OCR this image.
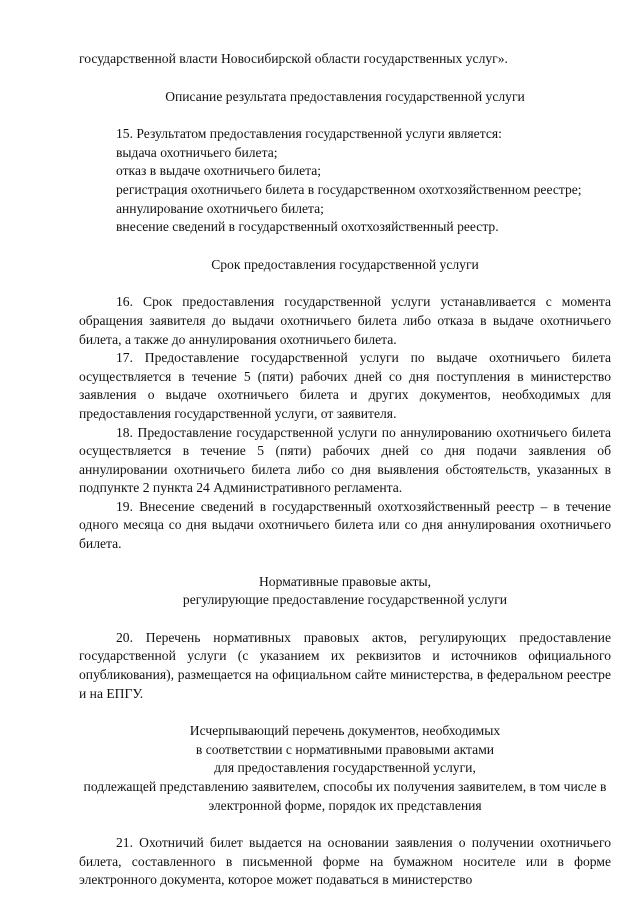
государственной власти Новосибирской области государственных услуг».

Описание результата предоставления государственной услуги

15. Результатом предоставления государственной услуги является:

выдача охотничьего билета;

отказ в выдаче охотничьего билета;

регистрация охотничьего билета в государственном охотхозяйственном реестре;

аннулирование охотничьего билета;

внесение сведений в государственный охотхозяйственный реестр.

Срок предоставления государственной услуги

16. Срок предоставления государственной услуги устанавливается с момента обращения заявителя до выдачи охотничьего билета либо отказа в выдаче охотничьего билета, а также до аннулирования охотничьего билета.

17. Предоставление государственной услуги по выдаче охотничьего билета осуществляется в течение 5 (пяти) рабочих дней со дня поступления в министерство заявления о выдаче охотничьего билета и других документов, необходимых для предоставления государственной услуги, от заявителя.

18. Предоставление государственной услуги по аннулированию охотничьего билета осуществляется в течение 5 (пяти) рабочих дней со дня подачи заявления об аннулировании охотничьего билета либо со дня выявления обстоятельств, указанных в подпункте 2 пункта 24 Административного регламента.

19. Внесение сведений в государственный охотхозяйственный реестр – в течение одного месяца со дня выдачи охотничьего билета или со дня аннулирования охотничьего билета.

Нормативные правовые акты,

регулирующие предоставление государственной услуги

20. Перечень нормативных правовых актов, регулирующих предоставление государственной услуги (с указанием их реквизитов и источников официального опубликования), размещается на официальном сайте министерства, в федеральном реестре и на ЕПГУ.

Исчерпывающий перечень документов, необходимых

в соответствии с нормативными правовыми актами

для предоставления государственной услуги,

подлежащей представлению заявителем, способы их получения заявителем, в том числе в электронной форме, порядок их представления

21. Охотничий билет выдается на основании заявления о получении охотничьего билета, составленного в письменной форме на бумажном носителе или в форме электронного документа, которое может подаваться в министерство
